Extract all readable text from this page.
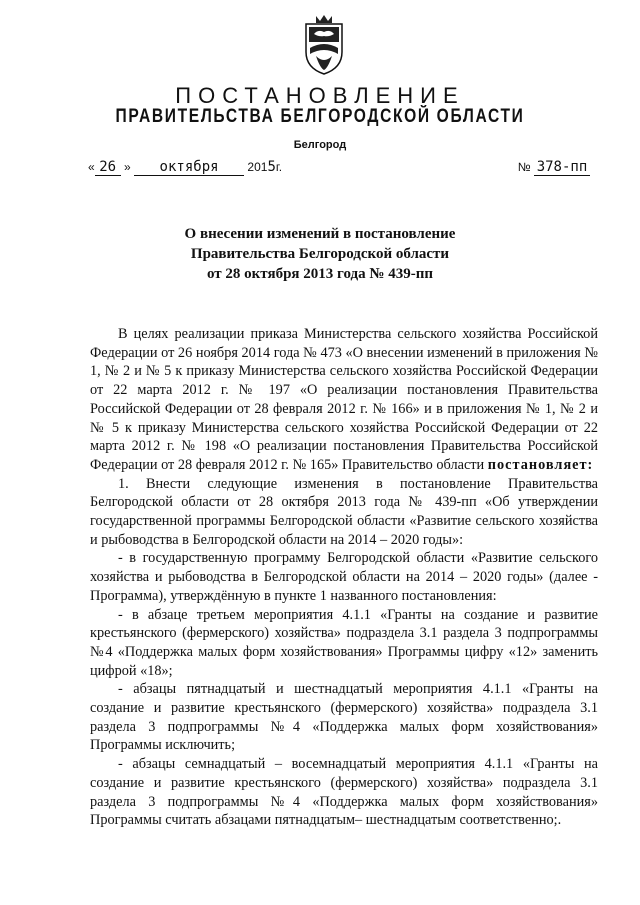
ПОСТАНОВЛЕНИЕ
ПРАВИТЕЛЬСТВА БЕЛГОРОДСКОЙ ОБЛАСТИ
Белгород
« 26 » октября 2015г.	№ 378-пп
О внесении изменений в постановление
Правительства Белгородской области
от 28 октября 2013 года № 439-пп

В целях реализации приказа Министерства сельского хозяйства Российской Федерации от 26 ноября 2014 года № 473 «О внесении изменений в приложения № 1, № 2 и № 5 к приказу Министерства сельского хозяйства Российской Федерации от 22 марта 2012 г. № 197 «О реализации постановления Правительства Российской Федерации от 28 февраля 2012 г. № 166» и в приложения № 1, № 2 и № 5 к приказу Министерства сельского хозяйства Российской Федерации от 22 марта 2012 г. № 198 «О реализации постановления Правительства Российской Федерации от 28 февраля 2012 г. № 165» Правительство области постановляет:

1. Внести следующие изменения в постановление Правительства Белгородской области от 28 октября 2013 года № 439-пп «Об утверждении государственной программы Белгородской области «Развитие сельского хозяйства и рыбоводства в Белгородской области на 2014 – 2020 годы»:

- в государственную программу Белгородской области «Развитие сельского хозяйства и рыбоводства в Белгородской области на 2014 – 2020 годы» (далее - Программа), утверждённую в пункте 1 названного постановления:

- в абзаце третьем мероприятия 4.1.1 «Гранты на создание и развитие крестьянского (фермерского) хозяйства» подраздела 3.1 раздела 3 подпрограммы №4 «Поддержка малых форм хозяйствования» Программы цифру «12» заменить цифрой «18»;

- абзацы пятнадцатый и шестнадцатый мероприятия 4.1.1 «Гранты на создание и развитие крестьянского (фермерского) хозяйства» подраздела 3.1 раздела 3 подпрограммы №4 «Поддержка малых форм хозяйствования» Программы исключить;

- абзацы семнадцатый – восемнадцатый мероприятия 4.1.1 «Гранты на создание и развитие крестьянского (фермерского) хозяйства» подраздела 3.1 раздела 3 подпрограммы №4 «Поддержка малых форм хозяйствования» Программы считать абзацами пятнадцатым– шестнадцатым соответственно;.
